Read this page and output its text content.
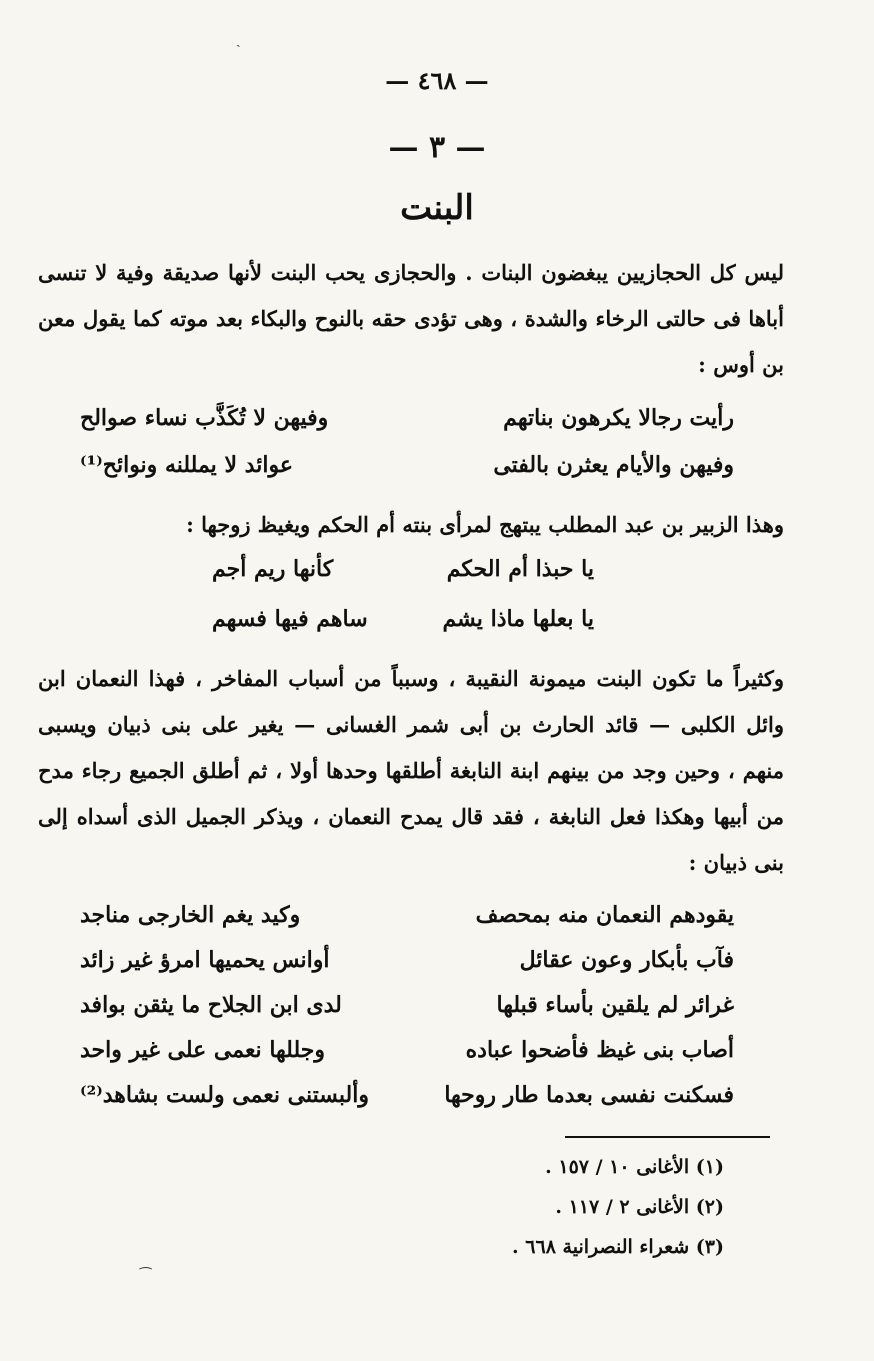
— ٤٦٨ —
— ٣ —
البنت

ليس كل الحجازيين يبغضون البنات . والحجازى يحب البنت لأنها صديقة وفية لا تنسى أباها فى حالتى الرخاء والشدة ، وهى تؤدى حقه بالنوح والبكاء بعد موته كما يقول معن بن أوس :

رأيت رجالا يكرهون بناتهم
وفيهن لا تُكَذَّب نساء صوالح
وفيهن والأيام يعثرن بالفتى
عوائد لا يمللنه ونوائح⁽¹⁾

وهذا الزبير بن عبد المطلب يبتهج لمرأى بنته أم الحكم ويغيظ زوجها :

يا حبذا أم الحكم
كأنها ريم أجم
يا بعلها ماذا يشم
ساهم فيها فسهم

وكثيراً ما تكون البنت ميمونة النقيبة ، وسبباً من أسباب المفاخر ، فهذا النعمان ابن وائل الكلبى — قائد الحارث بن أبى شمر الغسانى — يغير على بنى ذبيان ويسبى منهم ، وحين وجد من بينهم ابنة النابغة أطلقها وحدها أولا ، ثم أطلق الجميع رجاء مدح من أبيها وهكذا فعل النابغة ، فقد قال يمدح النعمان ، ويذكر الجميل الذى أسداه إلى بنى ذبيان :

يقودهم النعمان منه بمحصف
وكيد يغم الخارجى مناجد
فآب بأبكار وعون عقائل
أوانس يحميها امرؤ غير زائد
غرائر لم يلقين بأساء قبلها
لدى ابن الجلاح ما يثقن بوافد
أصاب بنى غيظ فأضحوا عباده
وجللها نعمى على غير واحد
فسكنت نفسى بعدما طار روحها
وألبستنى نعمى ولست بشاهد⁽²⁾
(١) الأغانى ١٠ / ١٥٧ .
(٢) الأغانى ٢ / ١١٧ .
(٣) شعراء النصرانية ٦٦٨ .
ˎ
⁀
